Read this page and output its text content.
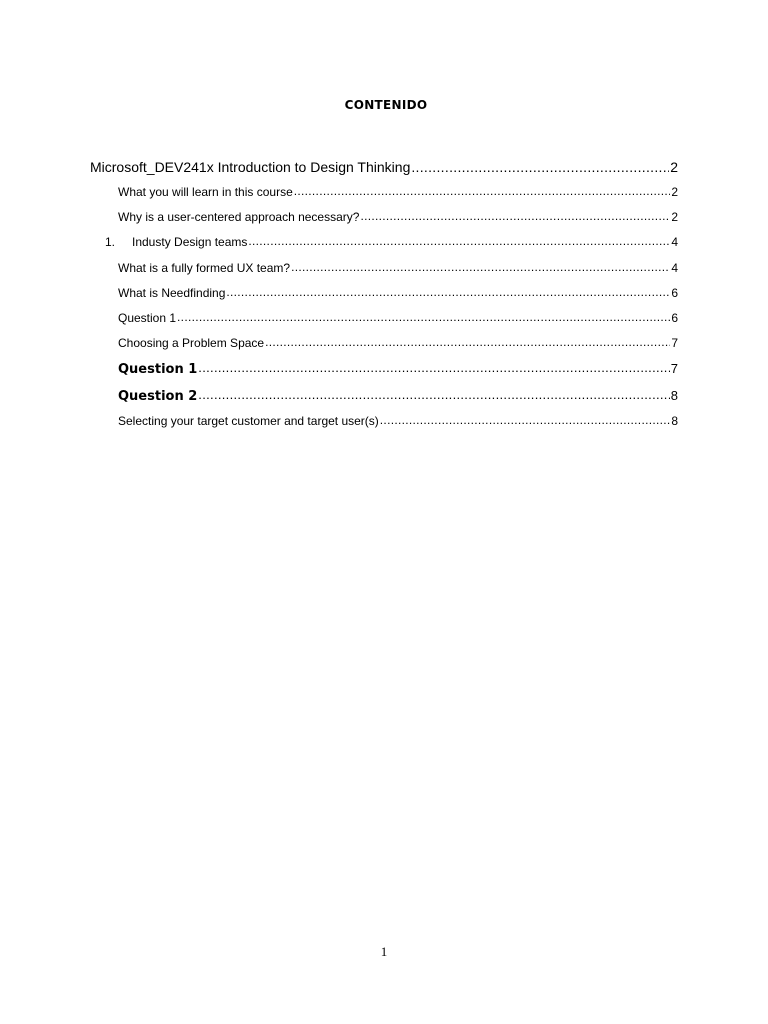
CONTENIDO
Microsoft_DEV241x Introduction to Design Thinking .....	2
What you will learn in this course .....	2
Why is a user-centered approach necessary? .....	2
1.	Industy Design teams .....	4
What is a fully formed UX team? .....	4
What is Needfinding .....	6
Question 1 .....	6
Choosing a Problem Space .....	7
Question 1 .....	7
Question 2 .....	8
Selecting your target customer and target user(s) .....	8
1
